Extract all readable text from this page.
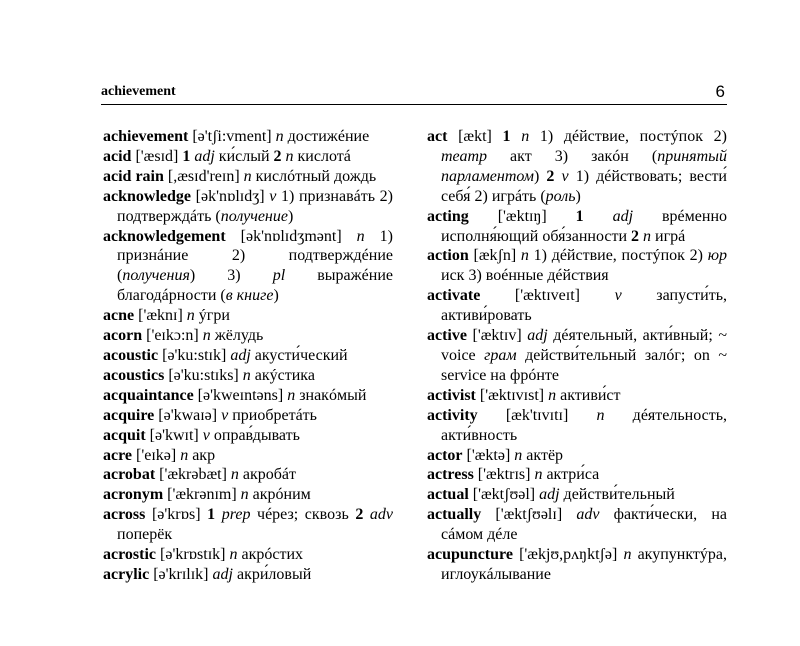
achievement	6

achievement [ə'tʃi:vment] n достижéние

acid ['æsɪd] 1 adj ки́слый 2 n кислотá

acid rain [,æsɪd'reɪn] n кислóтный дождь

acknowledge [ək'nɒlɪdʒ] v 1) признавáть 2) подтверждáть (получение)

acknowledgement [ək'nɒlɪdʒmənt] n 1) признáние 2) подтверждéние (получения) 3) pl выражéние благодáрности (в книге)

acne ['æknɪ] n ýгри

acorn ['eɪkɔ:n] n жёлудь

acoustic [ə'ku:stɪk] adj акусти́ческий

acoustics [ə'ku:stɪks] n акýстика

acquaintance [ə'kweɪntəns] n знакóмый

acquire [ə'kwaɪə] v приобретáть

acquit [ə'kwɪt] v оправ́дывать

acre ['eɪkə] n акр

acrobat ['ækrəbæt] n акробáт

acronym ['ækrənɪm] n акрóним

across [ə'krɒs] 1 prep чéрез; сквозь 2 adv поперёк

acrostic [ə'krɒstɪk] n акрóстих

acrylic [ə'krɪlɪk] adj акри́ловый

act [ækt] 1 n 1) дéйствие, постýпок 2) театр акт 3) закóн (принятый парламентом) 2 v 1) дéйствовать; вести́ себя́ 2) игрáть (роль)

acting ['æktɪŋ] 1 adj врéменно исполня́ющий обя́занности 2 n игрá

action [ækʃn] n 1) дéйствие, постýпок 2) юр иск 3) воéнные дéйствия

activate ['æktɪveɪt] v запусти́ть, активи́ровать

active ['æktɪv] adj дéятельный, акти́вный; ~ voice грам действи́тельный залóг; on ~ service на фрóнте

activist ['æktɪvɪst] n активи́ст

activity [æk'tɪvɪtɪ] n дéятельность, акти́вность

actor ['æktə] n актёр

actress ['æktrɪs] n актри́са

actual ['æktʃʊəl] adj действи́тельный

actually ['æktʃʊəlɪ] adv факти́чески, на сáмом дéле

acupuncture ['ækjʊ,pʌŋktʃə] n акупунктýра, иглоукáлывание
